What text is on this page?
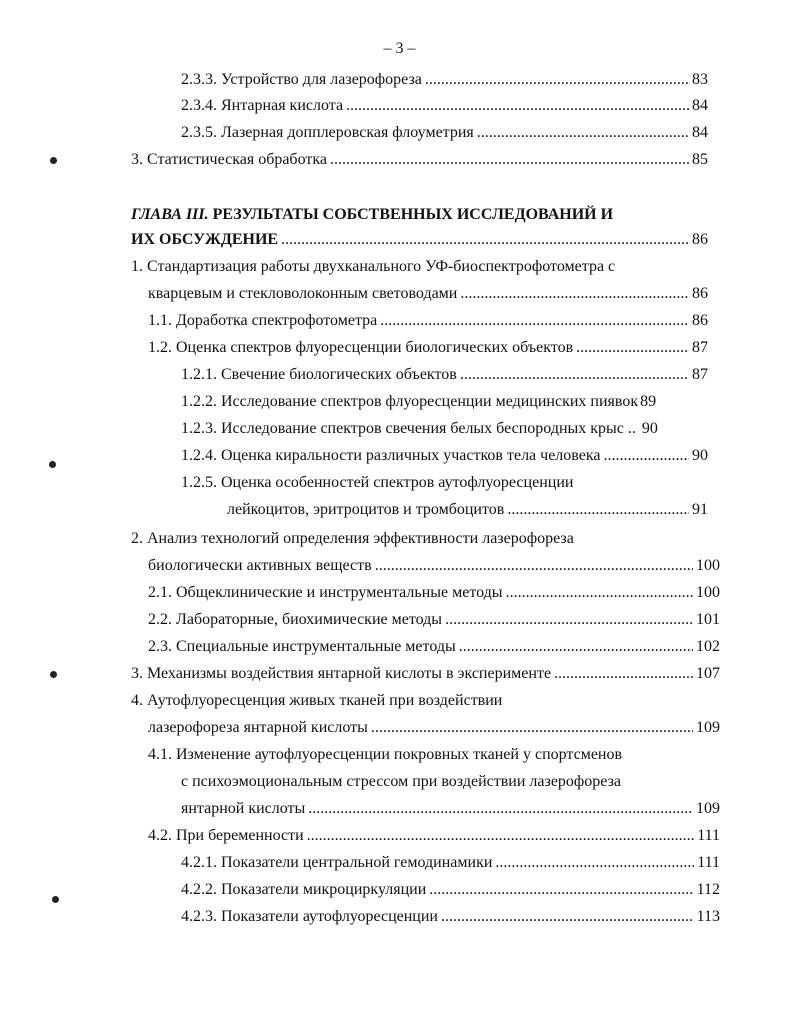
– 3 –
2.3.3. Устройство для лазерофореза . . .	83
2.3.4. Янтарная кислота . . .	84
2.3.5. Лазерная допплеровская флоуметрия . . .	84
3. Статистическая обработка . . .	85
ГЛАВА III. РЕЗУЛЬТАТЫ СОБСТВЕННЫХ ИССЛЕДОВАНИЙ И
ИХ ОБСУЖДЕНИЕ . . .	86
1. Стандартизация работы двухканального УФ-биоспектрофотометра с
кварцевым и стекловолоконным световодами . . .	86
1.1. Доработка спектрофотометра . . .	86
1.2. Оценка спектров флуоресценции биологических объектов . . .	87
1.2.1. Свечение биологических объектов . . .	87
1.2.2. Исследование спектров флуоресценции медицинских пиявок 89
1.2.3. Исследование спектров свечения белых беспородных крыс .. 90
1.2.4. Оценка киральности различных участков тела человека . . .	90
1.2.5. Оценка особенностей спектров аутофлуоресценции
лейкоцитов, эритроцитов и тромбоцитов . . .	91
2. Анализ технологий определения эффективности лазерофореза
биологически активных веществ . . .	100
2.1. Общеклинические и инструментальные методы . . .	100
2.2. Лабораторные, биохимические методы . . .	101
2.3. Специальные инструментальные методы . . .	102
3. Механизмы воздействия янтарной кислоты в эксперименте . . .	107
4. Аутофлуоресценция живых тканей при воздействии
лазерофореза янтарной кислоты . . .	109
4.1. Изменение аутофлуоресценции покровных тканей у спортсменов
с психоэмоциональным стрессом при воздействии лазерофореза
янтарной кислоты . . .	109
4.2. При беременности . . .	111
4.2.1. Показатели центральной гемодинамики . . .	111
4.2.2. Показатели микроциркуляции . . .	112
4.2.3. Показатели аутофлуоресценции . . .	113
